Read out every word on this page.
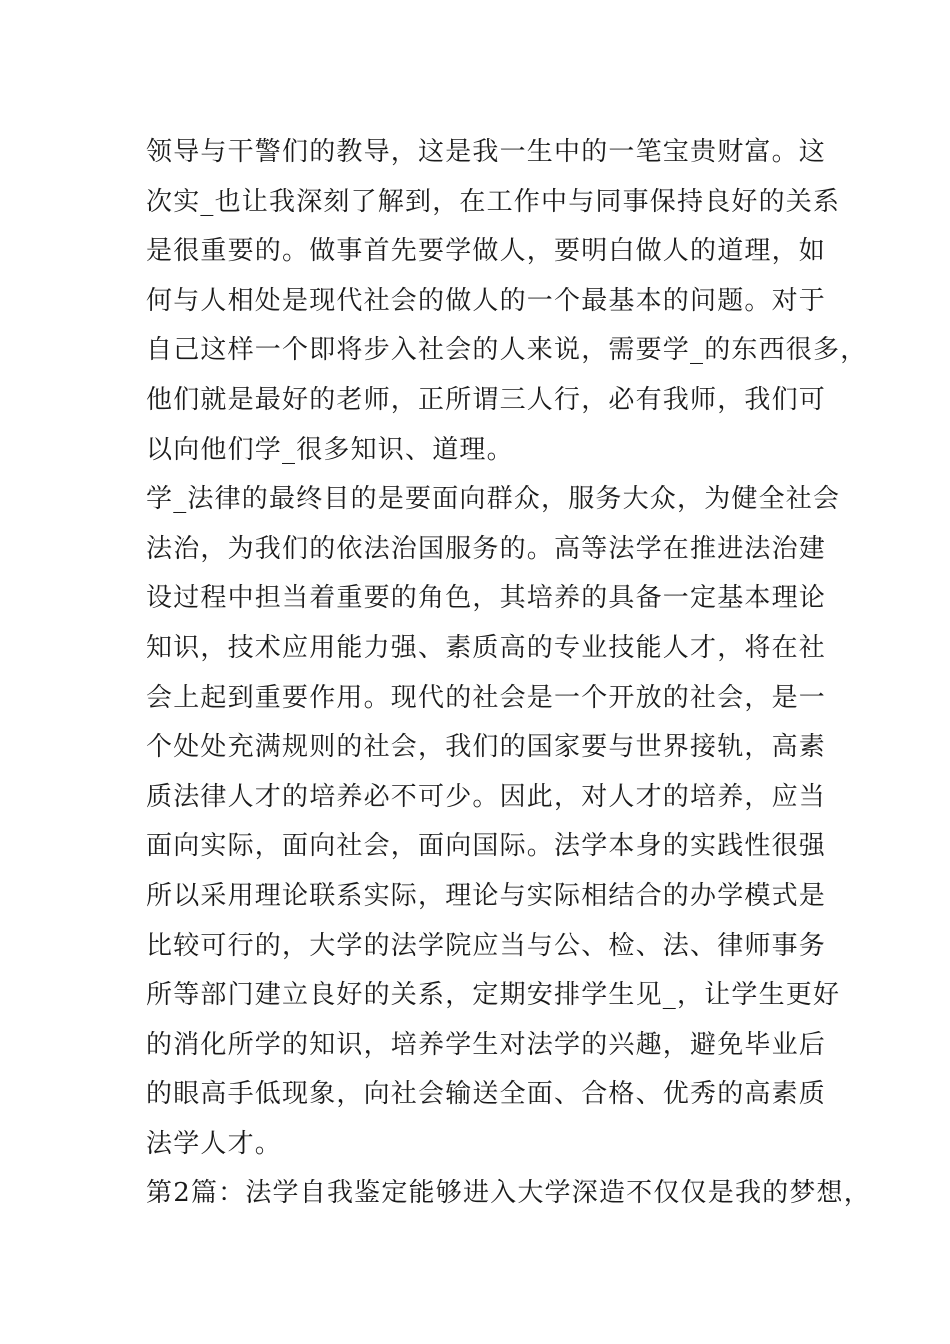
领导与干警们的教导，这是我一生中的一笔宝贵财富。这
次实_也让我深刻了解到，在工作中与同事保持良好的关系
是很重要的。做事首先要学做人，要明白做人的道理，如
何与人相处是现代社会的做人的一个最基本的问题。对于
自己这样一个即将步入社会的人来说，需要学_的东西很多，
他们就是最好的老师，正所谓三人行，必有我师，我们可
以向他们学_很多知识、道理。
学_法律的最终目的是要面向群众，服务大众，为健全社会
法治，为我们的依法治国服务的。高等法学在推进法治建
设过程中担当着重要的角色，其培养的具备一定基本理论
知识，技术应用能力强、素质高的专业技能人才，将在社
会上起到重要作用。现代的社会是一个开放的社会，是一
个处处充满规则的社会，我们的国家要与世界接轨，高素
质法律人才的培养必不可少。因此，对人才的培养，应当
面向实际，面向社会，面向国际。法学本身的实践性很强
所以采用理论联系实际，理论与实际相结合的办学模式是
比较可行的，大学的法学院应当与公、检、法、律师事务
所等部门建立良好的关系，定期安排学生见_，让学生更好
的消化所学的知识，培养学生对法学的兴趣，避免毕业后
的眼高手低现象，向社会输送全面、合格、优秀的高素质
法学人才。
第2篇：法学自我鉴定能够进入大学深造不仅仅是我的梦想，
